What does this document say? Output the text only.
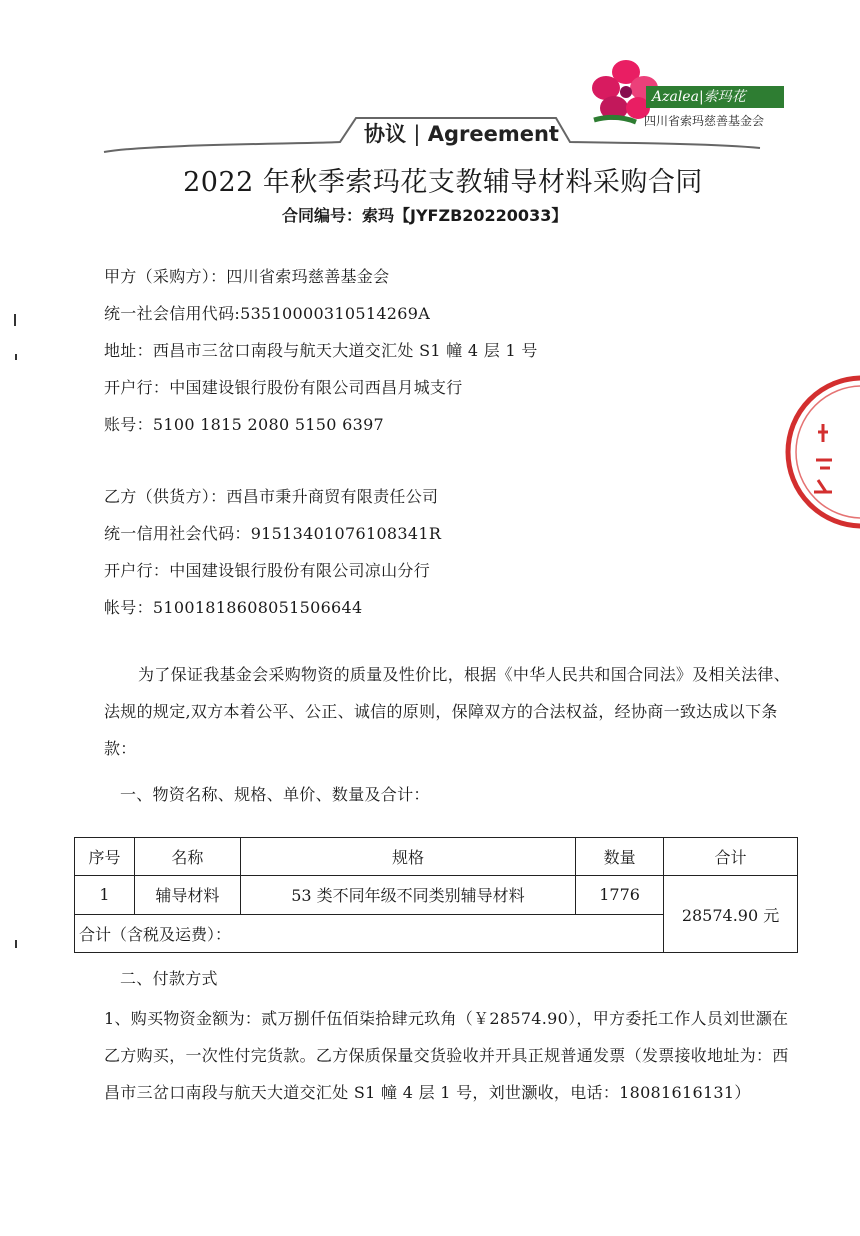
Azalea|索玛花
四川省索玛慈善基金会
协议 | Agreement
2022 年秋季索玛花支教辅导材料采购合同
合同编号：索玛【JYFZB20220033】
甲方（采购方）：四川省索玛慈善基金会
统一社会信用代码:53510000310514269A
地址：西昌市三岔口南段与航天大道交汇处 S1 幢 4 层 1 号
开户行：中国建设银行股份有限公司西昌月城支行
账号：5100 1815 2080 5150 6397
乙方（供货方）：西昌市秉升商贸有限责任公司
统一信用社会代码：91513401076108341R
开户行：中国建设银行股份有限公司凉山分行
帐号：51001818608051506644
为了保证我基金会采购物资的质量及性价比，根据《中华人民共和国合同法》及相关法律、法规的规定,双方本着公平、公正、诚信的原则，保障双方的合法权益，经协商一致达成以下条款：
一、物资名称、规格、单价、数量及合计：
序号	名称	规格	数量	合计
1	辅导材料	53 类不同年级不同类别辅导材料	1776	28574.90 元
合计（含税及运费）：				
二、付款方式
1、购买物资金额为：贰万捌仟伍佰柒拾肆元玖角（￥28574.90），甲方委托工作人员刘世灏在乙方购买，一次性付完货款。乙方保质保量交货验收并开具正规普通发票（发票接收地址为：西昌市三岔口南段与航天大道交汇处 S1 幢 4 层 1 号，刘世灏收，电话：18081616131）
